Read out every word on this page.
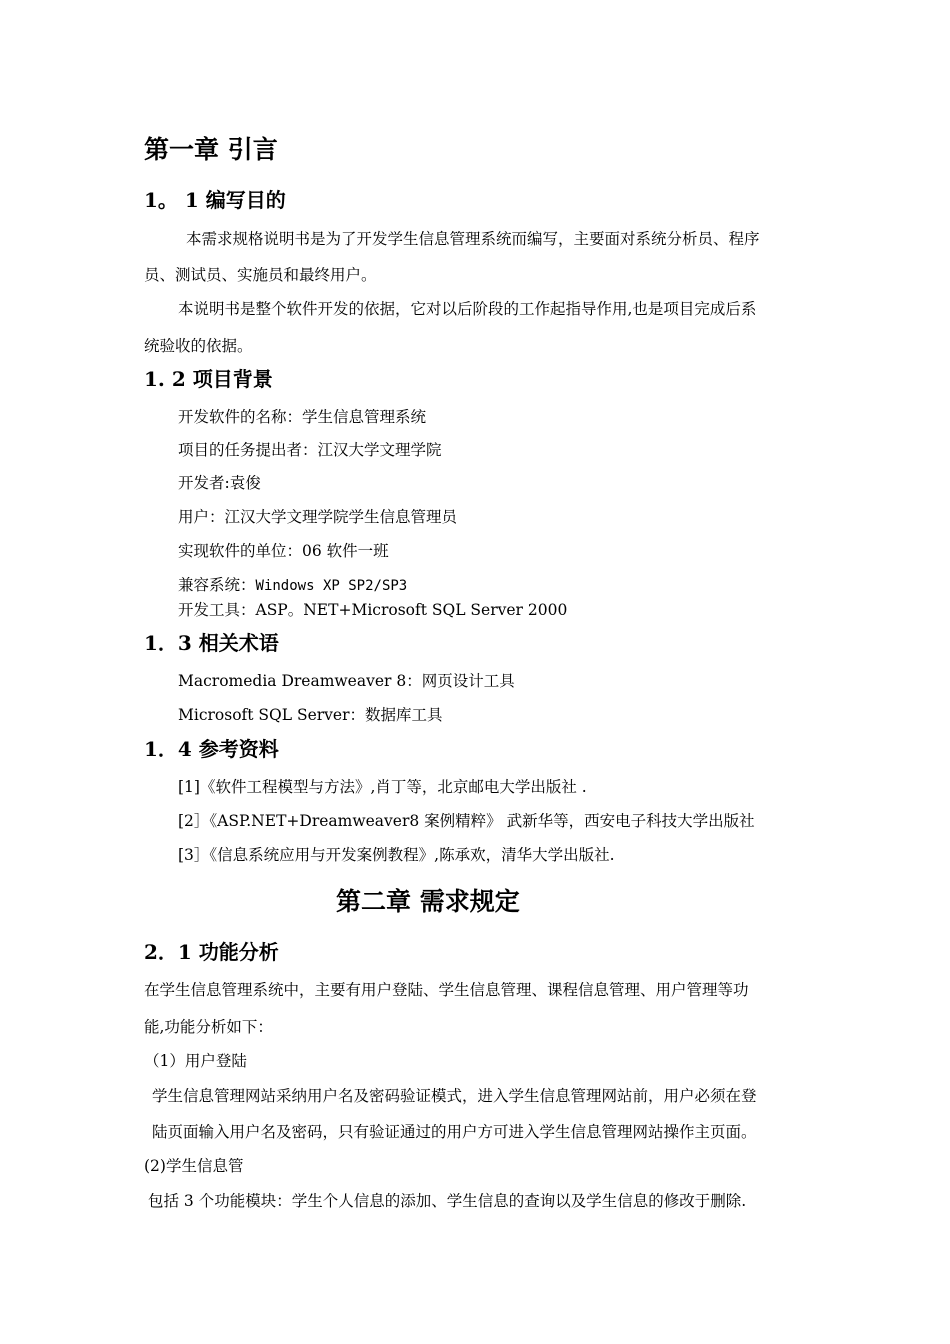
第一章 引言
1。 1 编写目的
本需求规格说明书是为了开发学生信息管理系统而编写，主要面对系统分析员、程序
员、测试员、实施员和最终用户。
本说明书是整个软件开发的依据，它对以后阶段的工作起指导作用,也是项目完成后系
统验收的依据。
1. 2 项目背景
开发软件的名称：学生信息管理系统
项目的任务提出者：江汉大学文理学院
开发者:袁俊
用户：江汉大学文理学院学生信息管理员
实现软件的单位：06 软件一班
兼容系统：Windows XP SP2/SP3
开发工具：ASP。NET+Microsoft SQL Server 2000
1．3 相关术语
Macromedia Dreamweaver 8：网页设计工具
Microsoft SQL Server：数据库工具
1．4 参考资料
[1]《软件工程模型与方法》,肖丁等，北京邮电大学出版社 .
[2］《ASP.NET+Dreamweaver8 案例精粹》 武新华等，西安电子科技大学出版社
[3］《信息系统应用与开发案例教程》,陈承欢，清华大学出版社.
第二章 需求规定
2．1 功能分析
在学生信息管理系统中，主要有用户登陆、学生信息管理、课程信息管理、用户管理等功
能,功能分析如下：
（1）用户登陆
学生信息管理网站采纳用户名及密码验证模式，进入学生信息管理网站前，用户必须在登
陆页面输入用户名及密码，只有验证通过的用户方可进入学生信息管理网站操作主页面。
(2)学生信息管
包括 3 个功能模块：学生个人信息的添加、学生信息的查询以及学生信息的修改于删除.
